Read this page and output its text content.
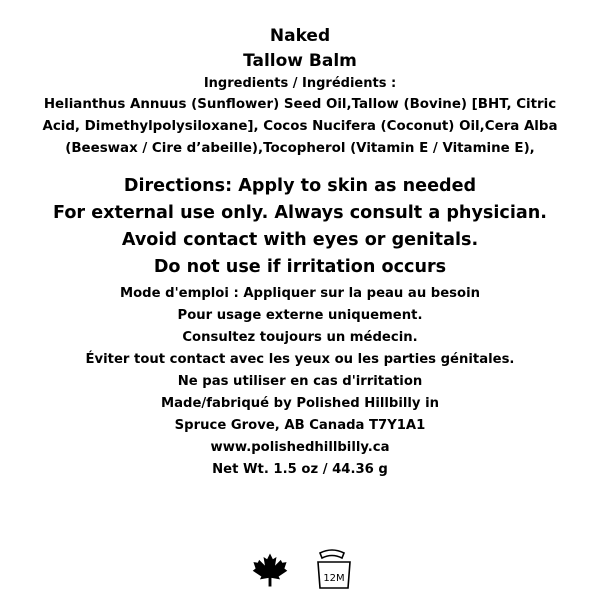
Naked
Tallow Balm
Ingredients / Ingrédients :
Helianthus Annuus (Sunflower) Seed Oil,Tallow (Bovine) [BHT, Citric Acid, Dimethylpolysiloxane], Cocos Nucifera (Coconut) Oil,Cera Alba (Beeswax / Cire d’abeille),Tocopherol (Vitamin E / Vitamine E),
Directions: Apply to skin as needed
For external use only. Always consult a physician.
Avoid contact with eyes or genitals.
Do not use if irritation occurs
Mode d'emploi : Appliquer sur la peau au besoin
Pour usage externe uniquement.
Consultez toujours un médecin.
Éviter tout contact avec les yeux ou les parties génitales.
Ne pas utiliser en cas d'irritation
Made/fabriqué by Polished Hillbilly in
Spruce Grove, AB Canada T7Y1A1
www.polishedhillbilly.ca
Net Wt. 1.5 oz / 44.36 g
12M
